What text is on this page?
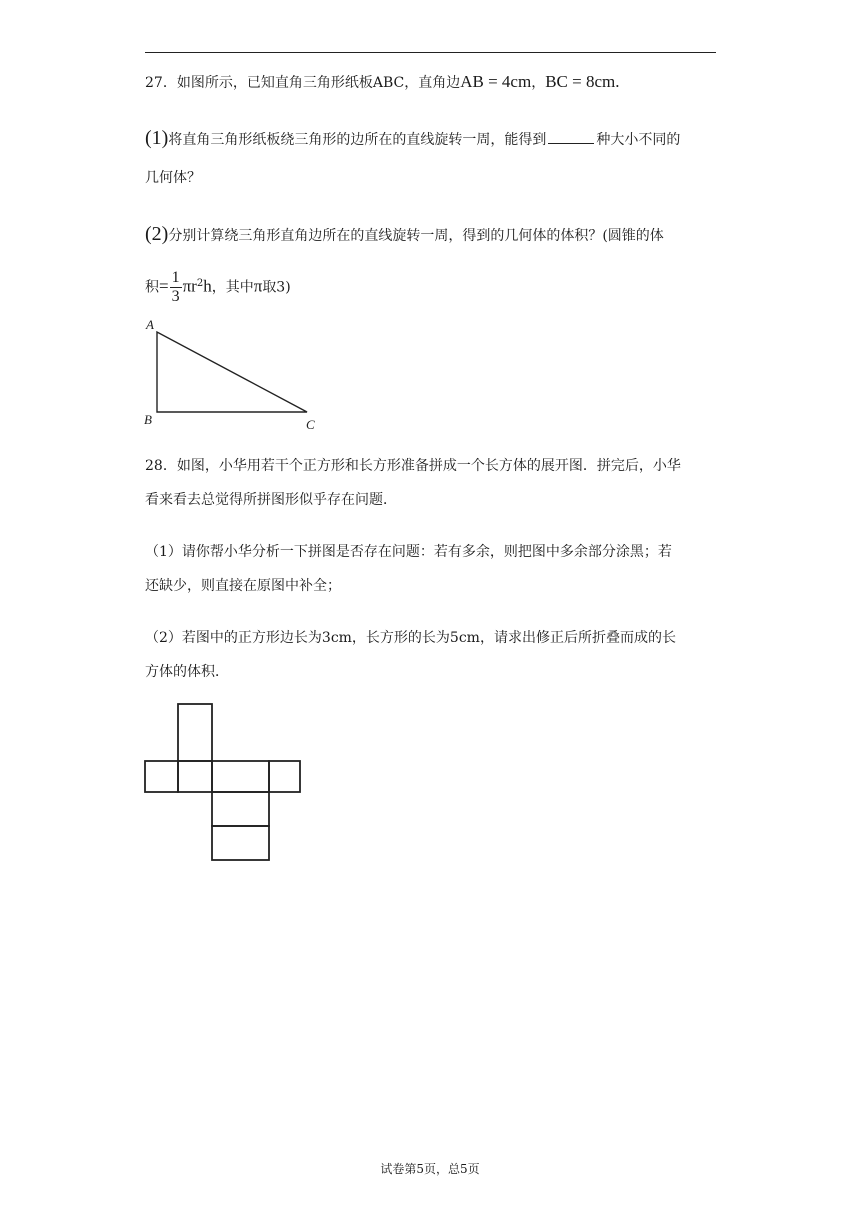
27．如图所示，已知直角三角形纸板ABC，直角边AB = 4cm，BC = 8cm.
(1)将直角三角形纸板绕三角形的边所在的直线旋转一周，能得到	种大小不同的
几何体？
(2)分别计算绕三角形直角边所在的直线旋转一周，得到的几何体的体积？(圆锥的体
积= $\frac{1}{3} \pi r^2h$，其中π取3)
A
B	C
28．如图，小华用若干个正方形和长方形准备拼成一个长方体的展开图．拼完后，小华
看来看去总觉得所拼图形似乎存在问题．
（1）请你帮小华分析一下拼图是否存在问题：若有多余，则把图中多余部分涂黑；若
还缺少，则直接在原图中补全；
（2）若图中的正方形边长为3cm，长方形的长为5cm，请求出修正后所折叠而成的长
方体的体积．
试卷第5页，总5页
